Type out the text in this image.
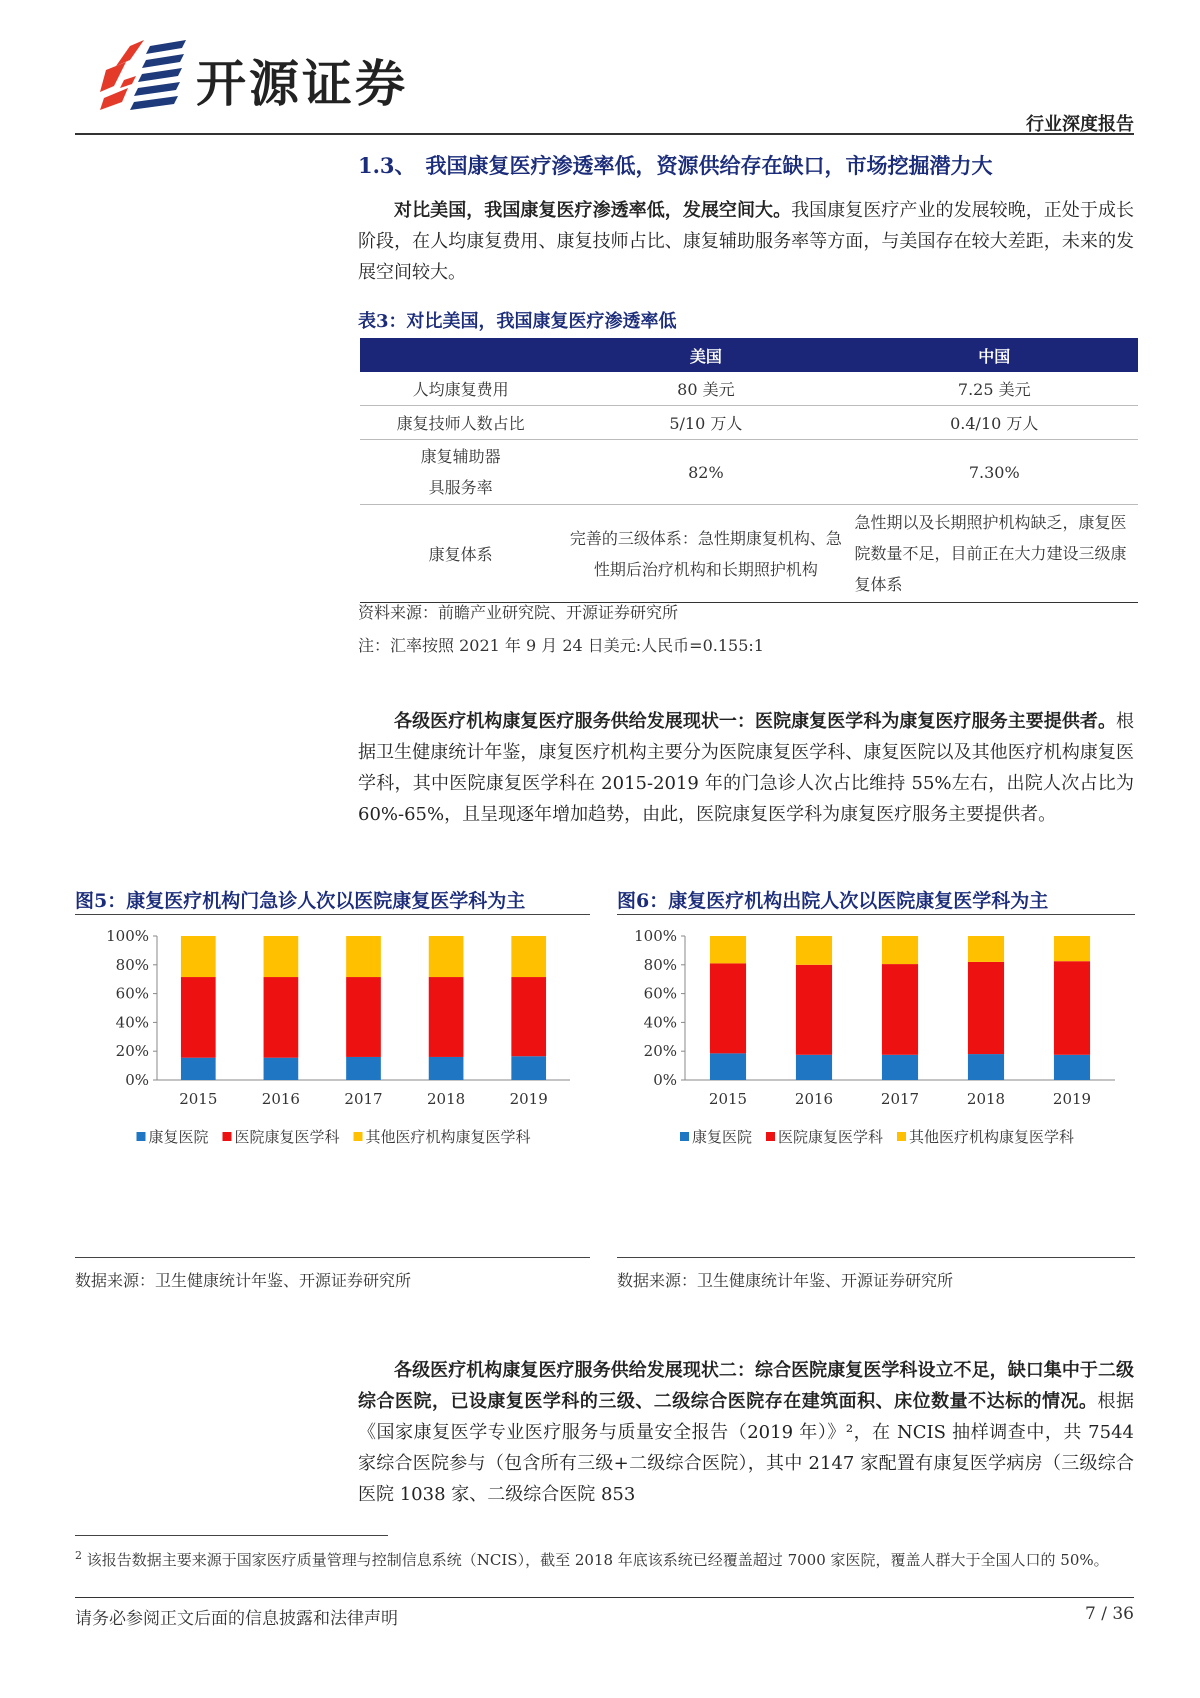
开源证券
行业深度报告
1.3、 我国康复医疗渗透率低，资源供给存在缺口，市场挖掘潜力大
对比美国，我国康复医疗渗透率低，发展空间大。我国康复医疗产业的发展较晚，正处于成长阶段，在人均康复费用、康复技师占比、康复辅助服务率等方面，与美国存在较大差距，未来的发展空间较大。
表3：对比美国，我国康复医疗渗透率低
	美国	中国
人均康复费用	80 美元	7.25 美元
康复技师人数占比	5/10 万人	0.4/10 万人
康复辅助器具服务率	82%	7.30%
康复体系	完善的三级体系：急性期康复机构、急性期后治疗机构和长期照护机构	急性期以及长期照护机构缺乏，康复医院数量不足，目前正在大力建设三级康复体系
资料来源：前瞻产业研究院、开源证券研究所
注：汇率按照 2021 年 9 月 24 日美元:人民币=0.155:1
各级医疗机构康复医疗服务供给发展现状一：医院康复医学科为康复医疗服务主要提供者。根据卫生健康统计年鉴，康复医疗机构主要分为医院康复医学科、康复医院以及其他医疗机构康复医学科，其中医院康复医学科在 2015-2019 年的门急诊人次占比维持 55%左右，出院人次占比为 60%-65%，且呈现逐年增加趋势，由此，医院康复医学科为康复医疗服务主要提供者。
图5：康复医疗机构门急诊人次以医院康复医学科为主	图6：康复医疗机构出院人次以医院康复医学科为主
0%
20%
40%
60%
80%
100%
2015	2016	2017	2018	2019
康复医院 医院康复医学科 其他医疗机构康复医学科
0%
20%
40%
60%
80%
100%
2015	2016	2017	2018	2019
康复医院 医院康复医学科 其他医疗机构康复医学科
数据来源：卫生健康统计年鉴、开源证券研究所	数据来源：卫生健康统计年鉴、开源证券研究所
各级医疗机构康复医疗服务供给发展现状二：综合医院康复医学科设立不足，缺口集中于二级综合医院，已设康复医学科的三级、二级综合医院存在建筑面积、床位数量不达标的情况。根据《国家康复医学专业医疗服务与质量安全报告（2019 年）》²，在 NCIS 抽样调查中，共 7544 家综合医院参与（包含所有三级+二级综合医院），其中 2147 家配置有康复医学病房（三级综合医院 1038 家、二级综合医院 853
$^2$ 该报告数据主要来源于国家医疗质量管理与控制信息系统（NCIS），截至 2018 年底该系统已经覆盖超过 7000 家医院，覆盖人群大于全国人口的 50%。
请务必参阅正文后面的信息披露和法律声明	7 / 36
